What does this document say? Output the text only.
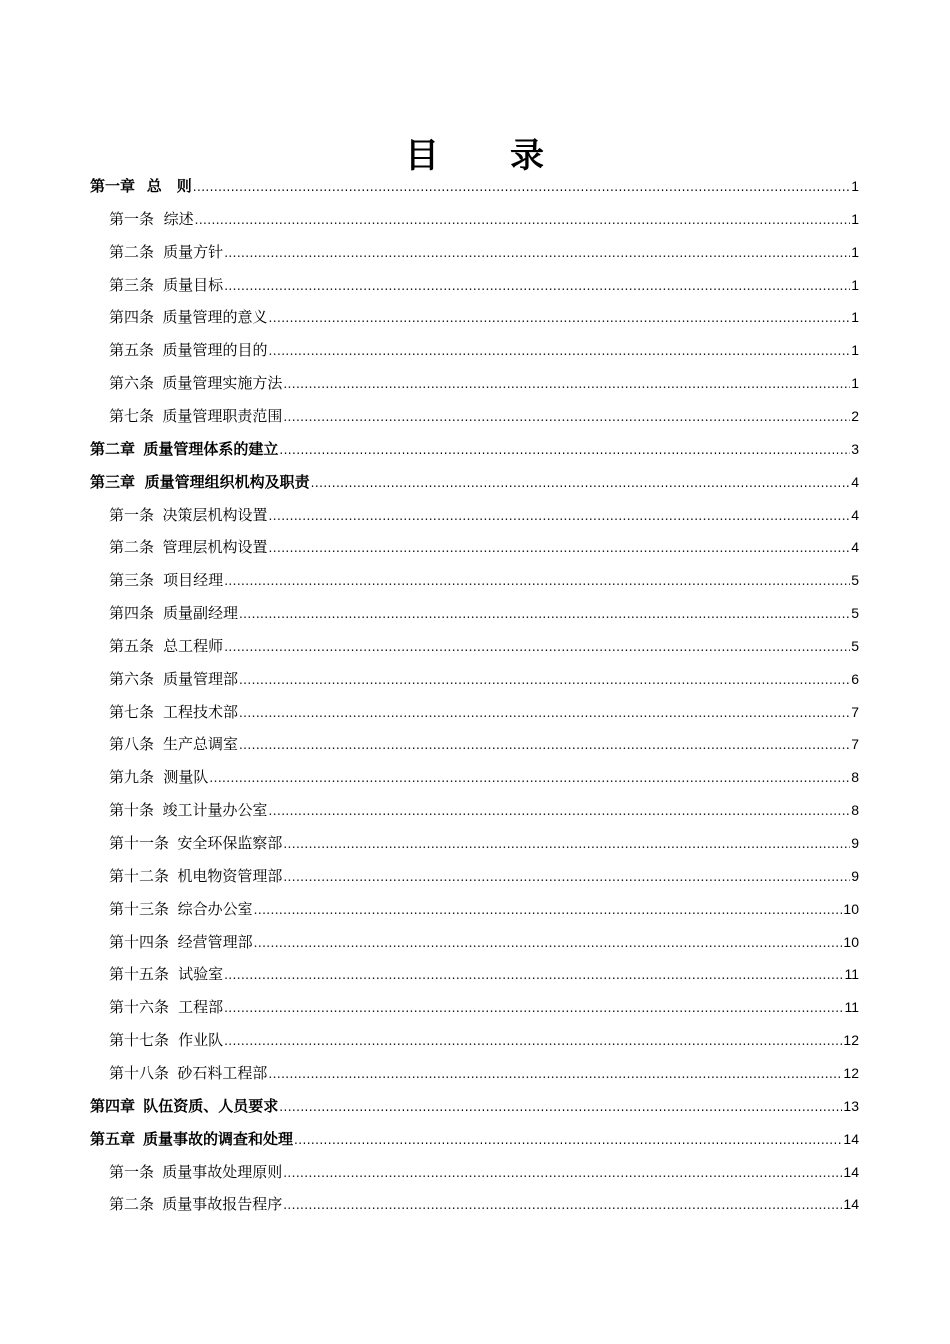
目　　录
第一章 总　则 .....	1
第一条 综述 .....	1
第二条 质量方针 .....	1
第三条 质量目标 .....	1
第四条 质量管理的意义 .....	1
第五条 质量管理的目的 .....	1
第六条 质量管理实施方法 .....	1
第七条 质量管理职责范围 .....	2
第二章 质量管理体系的建立 .....	3
第三章 质量管理组织机构及职责 .....	4
第一条 决策层机构设置 .....	4
第二条 管理层机构设置 .....	4
第三条 项目经理 .....	5
第四条 质量副经理 .....	5
第五条 总工程师 .....	5
第六条 质量管理部 .....	6
第七条 工程技术部 .....	7
第八条 生产总调室 .....	7
第九条 测量队 .....	8
第十条 竣工计量办公室 .....	8
第十一条 安全环保监察部 .....	9
第十二条 机电物资管理部 .....	9
第十三条 综合办公室 .....	10
第十四条 经营管理部 .....	10
第十五条 试验室 .....	11
第十六条 工程部 .....	11
第十七条 作业队 .....	12
第十八条 砂石料工程部 .....	12
第四章 队伍资质、人员要求 .....	13
第五章 质量事故的调查和处理 .....	14
第一条 质量事故处理原则 .....	14
第二条 质量事故报告程序 .....	14
